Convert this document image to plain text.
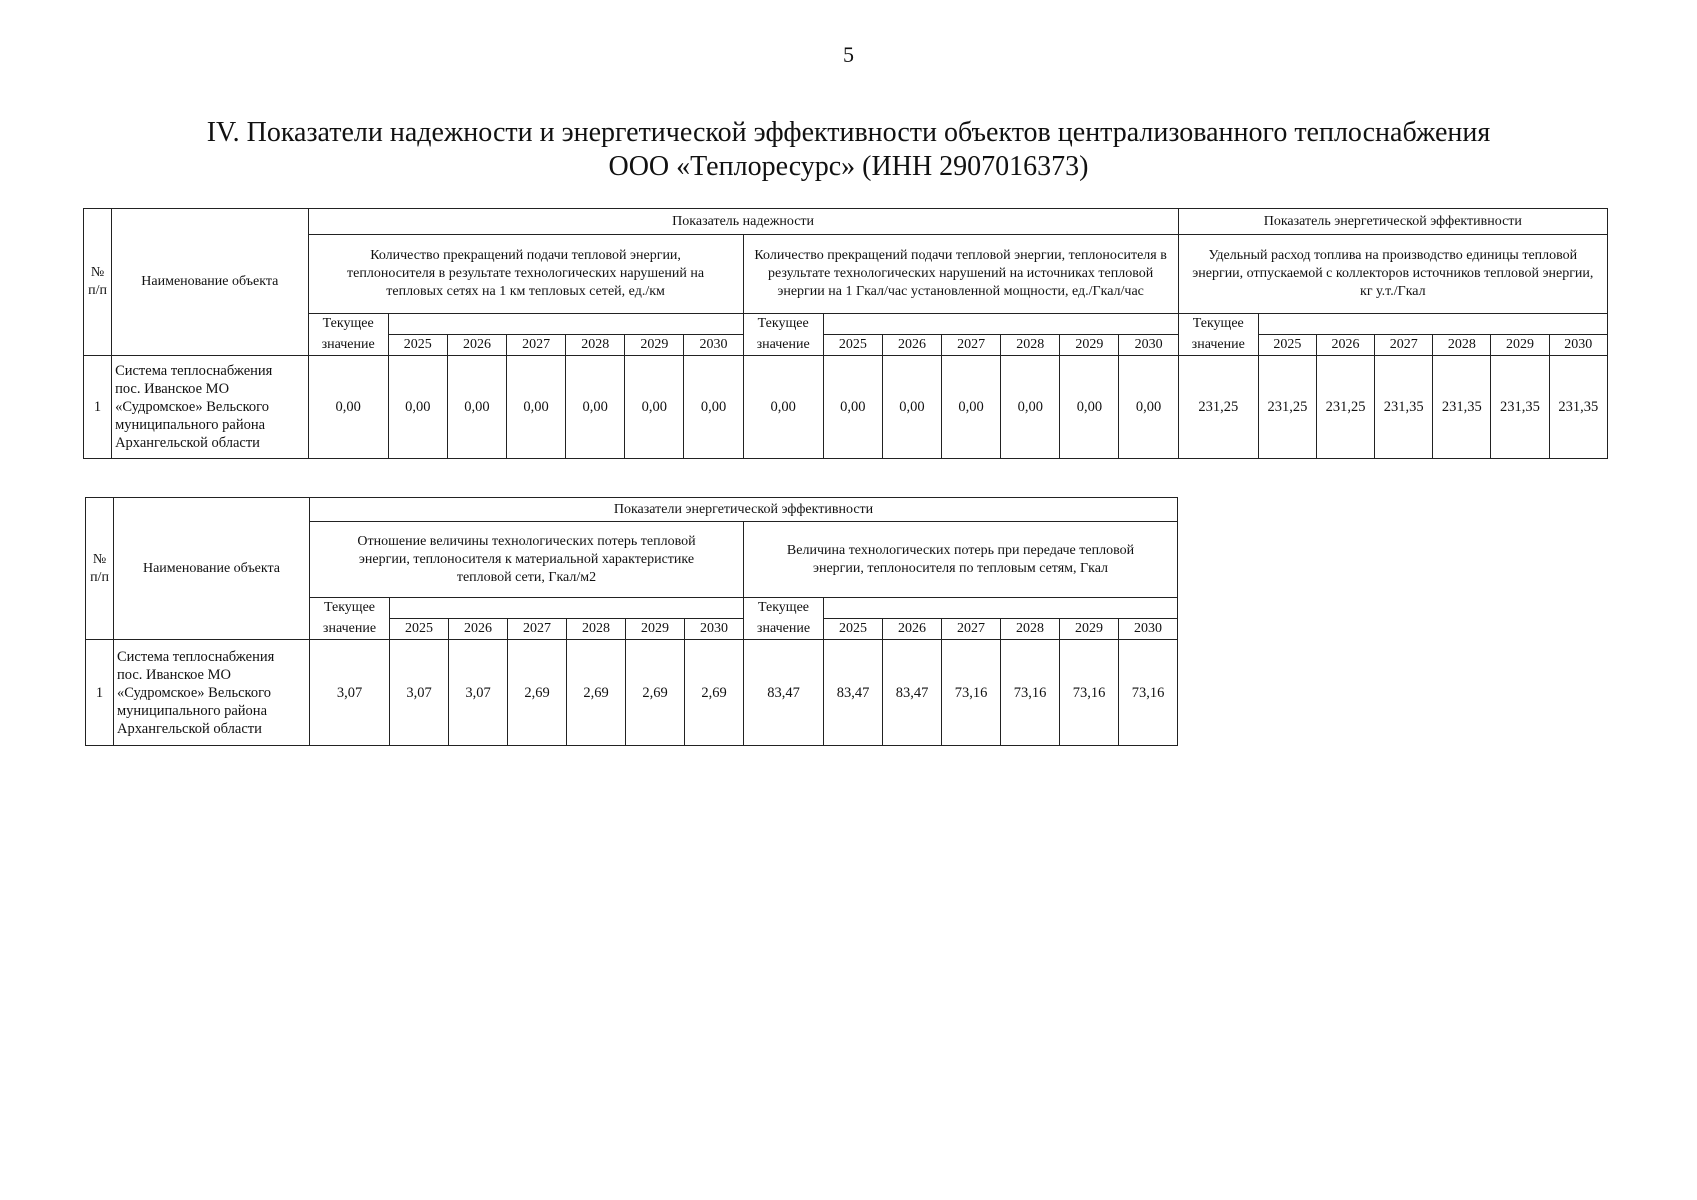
5
IV. Показатели надежности и энергетической эффективности объектов централизованного теплоснабжения
ООО «Теплоресурс» (ИНН 2907016373)
№ п/п	Наименование объекта	Показатель надежности														Показатель энергетической эффективности						
		Количество прекращений подачи тепловой энергии, теплоносителя в результате технологических нарушений на тепловых сетях на 1 км тепловых сетей, ед./км							Количество прекращений подачи тепловой энергии, теплоносителя в результате технологических нарушений на источниках тепловой энергии на 1 Гкал/час установленной мощности, ед./Гкал/час							Удельный расход топлива на производство единицы тепловой энергии, отпускаемой с коллекторов источников тепловой энергии, кг у.т./Гкал						
		Текущее							Текущее							Текущее						
		значение	2025	2026	2027	2028	2029	2030	значение	2025	2026	2027	2028	2029	2030	значение	2025	2026	2027	2028	2029	2030
1	Система теплоснабжения
пос. Иванское МО
«Судромское» Вельского
муниципального района
Архангельской области	0,00	0,00	0,00	0,00	0,00	0,00	0,00	0,00	0,00	0,00	0,00	0,00	0,00	0,00	231,25	231,25	231,25	231,35	231,35	231,35	231,35
№ п/п	Наименование объекта	Показатели энергетической эффективности													
		Отношение величины технологических потерь тепловой энергии, теплоносителя к материальной характеристике тепловой сети, Гкал/м2							Величина технологических потерь при передаче тепловой энергии, теплоносителя по тепловым сетям, Гкал						
		Текущее							Текущее						
		значение	2025	2026	2027	2028	2029	2030	значение	2025	2026	2027	2028	2029	2030
1	Система теплоснабжения
пос. Иванское МО
«Судромское» Вельского
муниципального района
Архангельской области	3,07	3,07	3,07	2,69	2,69	2,69	2,69	83,47	83,47	83,47	73,16	73,16	73,16	73,16
